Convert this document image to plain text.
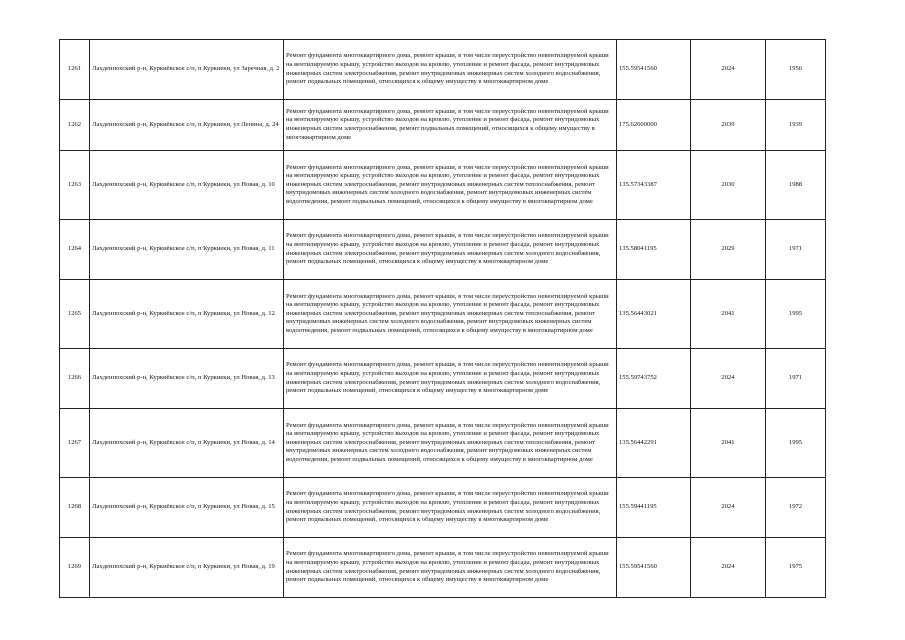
1261	Лахденпохский р-н, Куркиёкское с/п, п Куркиеки, ул Заречная, д. 2	Ремонт фундамента многоквартирного дома, ремонт крыши, в том числе переустройство невентилируемой крыши на вентилируемую крышу, устройство выходов на кровлю, утепление и ремонт фасада, ремонт внутридомовых инженерных систем электроснабжения, ремонт внутридомовых инженерных систем холодного водоснабжения, ремонт подвальных помещений, относящихся к общему имуществу в многоквартирном доме	155.59541560	2024	1956
1262	Лахденпохский р-н, Куркиёкское с/п, п Куркиеки, ул Ленина, д. 24	Ремонт фундамента многоквартирного дома, ремонт крыши, в том числе переустройство невентилируемой крыши на вентилируемую крышу, устройство выходов на кровлю, утепление и ремонт фасада, ремонт внутридомовых инженерных систем электроснабжения, ремонт подвальных помещений, относящихся к общему имуществу в многоквартирном доме	175.62600000	2039	1939
1263	Лахденпохский р-н, Куркиёкское с/п, п Куркиеки, ул Новая, д. 10	Ремонт фундамента многоквартирного дома, ремонт крыши, в том числе переустройство невентилируемой крыши на вентилируемую крышу, устройство выходов на кровлю, утепление и ремонт фасада, ремонт внутридомовых инженерных систем электроснабжения, ремонт внутридомовых инженерных систем теплоснабжения, ремонт внутридомовых инженерных систем холодного водоснабжения, ремонт внутридомовых инженерных систем водоотведения, ремонт подвальных помещений, относящихся к общему имуществу в многоквартирном доме	135.57343387	2030	1988
1264	Лахденпохский р-н, Куркиёкское с/п, п Куркиеки, ул Новая, д. 11	Ремонт фундамента многоквартирного дома, ремонт крыши, в том числе переустройство невентилируемой крыши на вентилируемую крышу, устройство выходов на кровлю, утепление и ремонт фасада, ремонт внутридомовых инженерных систем электроснабжения, ремонт внутридомовых инженерных систем холодного водоснабжения, ремонт подвальных помещений, относящихся к общему имуществу в многоквартирном доме	135.58041195	2029	1971
1265	Лахденпохский р-н, Куркиёкское с/п, п Куркиеки, ул Новая, д. 12	Ремонт фундамента многоквартирного дома, ремонт крыши, в том числе переустройство невентилируемой крыши на вентилируемую крышу, устройство выходов на кровлю, утепление и ремонт фасада, ремонт внутридомовых инженерных систем электроснабжения, ремонт внутридомовых инженерных систем теплоснабжения, ремонт внутридомовых инженерных систем холодного водоснабжения, ремонт внутридомовых инженерных систем водоотведения, ремонт подвальных помещений, относящихся к общему имуществу в многоквартирном доме	135.56443021	2041	1995
1266	Лахденпохский р-н, Куркиёкское с/п, п Куркиеки, ул Новая, д. 13	Ремонт фундамента многоквартирного дома, ремонт крыши, в том числе переустройство невентилируемой крыши на вентилируемую крышу, устройство выходов на кровлю, утепление и ремонт фасада, ремонт внутридомовых инженерных систем электроснабжения, ремонт внутридомовых инженерных систем холодного водоснабжения, ремонт подвальных помещений, относящихся к общему имуществу в многоквартирном доме	155.59743752	2024	1971
1267	Лахденпохский р-н, Куркиёкское с/п, п Куркиеки, ул Новая, д. 14	Ремонт фундамента многоквартирного дома, ремонт крыши, в том числе переустройство невентилируемой крыши на вентилируемую крышу, устройство выходов на кровлю, утепление и ремонт фасада, ремонт внутридомовых инженерных систем электроснабжения, ремонт внутридомовых инженерных систем теплоснабжения, ремонт внутридомовых инженерных систем холодного водоснабжения, ремонт внутридомовых инженерных систем водоотведения, ремонт подвальных помещений, относящихся к общему имуществу в многоквартирном доме	135.56442291	2041	1995
1268	Лахденпохский р-н, Куркиёкское с/п, п Куркиеки, ул Новая, д. 15	Ремонт фундамента многоквартирного дома, ремонт крыши, в том числе переустройство невентилируемой крыши на вентилируемую крышу, устройство выходов на кровлю, утепление и ремонт фасада, ремонт внутридомовых инженерных систем электроснабжения, ремонт внутридомовых инженерных систем холодного водоснабжения, ремонт подвальных помещений, относящихся к общему имуществу в многоквартирном доме	155.59441195	2024	1972
1269	Лахденпохский р-н, Куркиёкское с/п, п Куркиеки, ул Новая, д. 19	Ремонт фундамента многоквартирного дома, ремонт крыши, в том числе переустройство невентилируемой крыши на вентилируемую крышу, устройство выходов на кровлю, утепление и ремонт фасада, ремонт внутридомовых инженерных систем электроснабжения, ремонт внутридомовых инженерных систем холодного водоснабжения, ремонт подвальных помещений, относящихся к общему имуществу в многоквартирном доме	155.59541560	2024	1975
